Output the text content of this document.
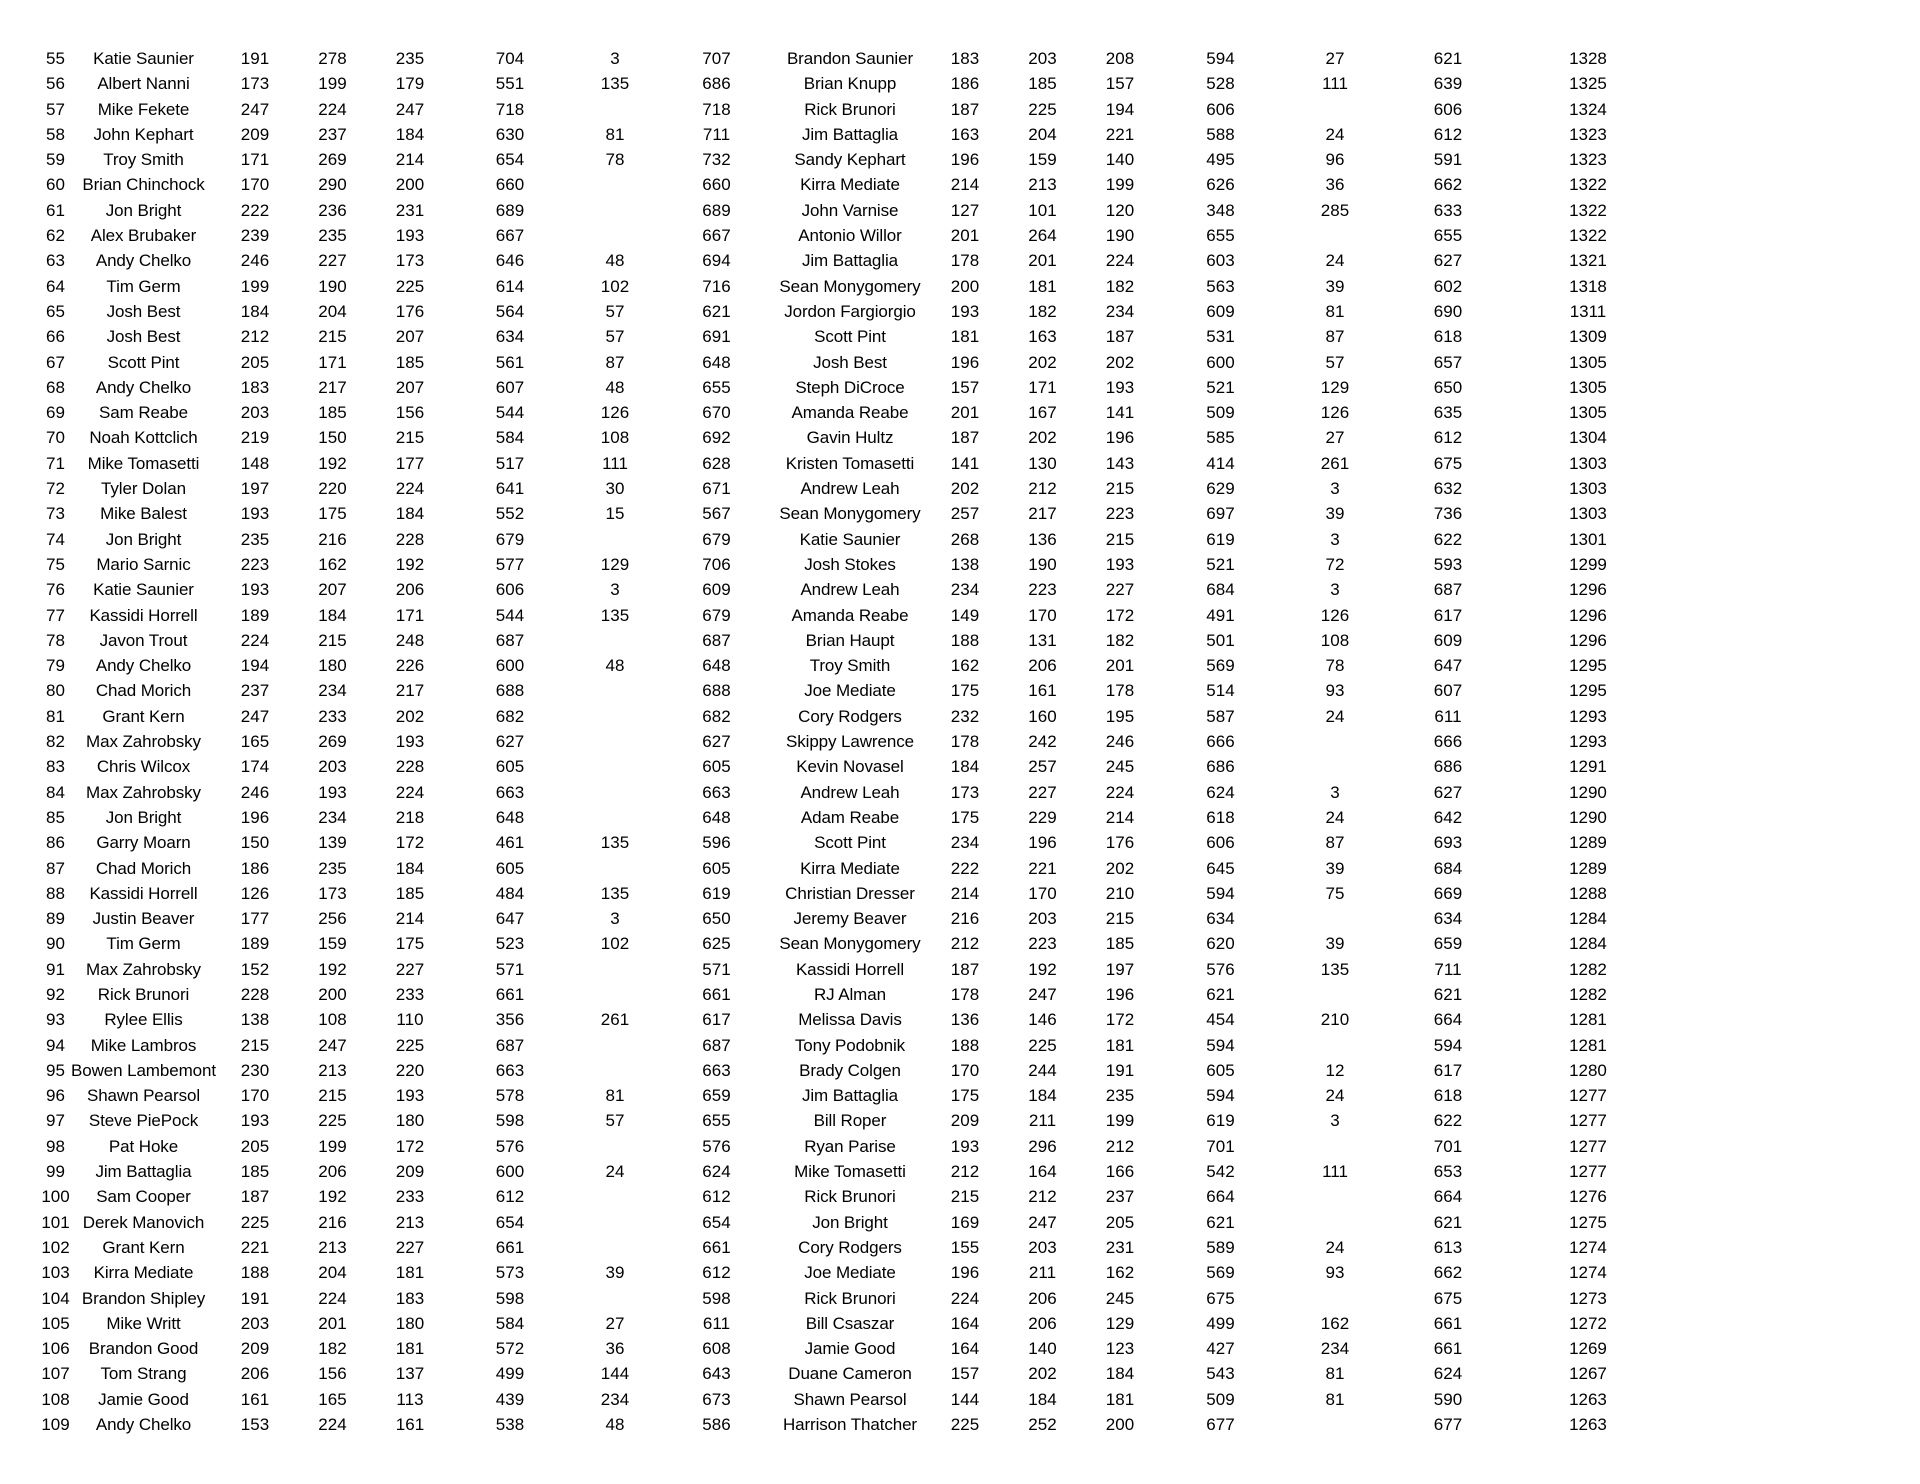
55	Katie Saunier	191	278	235	704	3	707	Brandon Saunier	183	203	208	594	27	621	1328
56	Albert Nanni	173	199	179	551	135	686	Brian Knupp	186	185	157	528	111	639	1325
57	Mike Fekete	247	224	247	718		718	Rick Brunori	187	225	194	606		606	1324
58	John Kephart	209	237	184	630	81	711	Jim Battaglia	163	204	221	588	24	612	1323
59	Troy Smith	171	269	214	654	78	732	Sandy Kephart	196	159	140	495	96	591	1323
60	Brian Chinchock	170	290	200	660		660	Kirra Mediate	214	213	199	626	36	662	1322
61	Jon Bright	222	236	231	689		689	John Varnise	127	101	120	348	285	633	1322
62	Alex Brubaker	239	235	193	667		667	Antonio Willor	201	264	190	655		655	1322
63	Andy Chelko	246	227	173	646	48	694	Jim Battaglia	178	201	224	603	24	627	1321
64	Tim Germ	199	190	225	614	102	716	Sean Monygomery	200	181	182	563	39	602	1318
65	Josh Best	184	204	176	564	57	621	Jordon Fargiorgio	193	182	234	609	81	690	1311
66	Josh Best	212	215	207	634	57	691	Scott Pint	181	163	187	531	87	618	1309
67	Scott Pint	205	171	185	561	87	648	Josh Best	196	202	202	600	57	657	1305
68	Andy Chelko	183	217	207	607	48	655	Steph DiCroce	157	171	193	521	129	650	1305
69	Sam Reabe	203	185	156	544	126	670	Amanda Reabe	201	167	141	509	126	635	1305
70	Noah Kottclich	219	150	215	584	108	692	Gavin Hultz	187	202	196	585	27	612	1304
71	Mike Tomasetti	148	192	177	517	111	628	Kristen Tomasetti	141	130	143	414	261	675	1303
72	Tyler Dolan	197	220	224	641	30	671	Andrew Leah	202	212	215	629	3	632	1303
73	Mike Balest	193	175	184	552	15	567	Sean Monygomery	257	217	223	697	39	736	1303
74	Jon Bright	235	216	228	679		679	Katie Saunier	268	136	215	619	3	622	1301
75	Mario Sarnic	223	162	192	577	129	706	Josh Stokes	138	190	193	521	72	593	1299
76	Katie Saunier	193	207	206	606	3	609	Andrew Leah	234	223	227	684	3	687	1296
77	Kassidi Horrell	189	184	171	544	135	679	Amanda Reabe	149	170	172	491	126	617	1296
78	Javon Trout	224	215	248	687		687	Brian Haupt	188	131	182	501	108	609	1296
79	Andy Chelko	194	180	226	600	48	648	Troy Smith	162	206	201	569	78	647	1295
80	Chad Morich	237	234	217	688		688	Joe Mediate	175	161	178	514	93	607	1295
81	Grant Kern	247	233	202	682		682	Cory Rodgers	232	160	195	587	24	611	1293
82	Max Zahrobsky	165	269	193	627		627	Skippy Lawrence	178	242	246	666		666	1293
83	Chris Wilcox	174	203	228	605		605	Kevin Novasel	184	257	245	686		686	1291
84	Max Zahrobsky	246	193	224	663		663	Andrew Leah	173	227	224	624	3	627	1290
85	Jon Bright	196	234	218	648		648	Adam Reabe	175	229	214	618	24	642	1290
86	Garry Moarn	150	139	172	461	135	596	Scott Pint	234	196	176	606	87	693	1289
87	Chad Morich	186	235	184	605		605	Kirra Mediate	222	221	202	645	39	684	1289
88	Kassidi Horrell	126	173	185	484	135	619	Christian Dresser	214	170	210	594	75	669	1288
89	Justin Beaver	177	256	214	647	3	650	Jeremy Beaver	216	203	215	634		634	1284
90	Tim Germ	189	159	175	523	102	625	Sean Monygomery	212	223	185	620	39	659	1284
91	Max Zahrobsky	152	192	227	571		571	Kassidi Horrell	187	192	197	576	135	711	1282
92	Rick Brunori	228	200	233	661		661	RJ Alman	178	247	196	621		621	1282
93	Rylee Ellis	138	108	110	356	261	617	Melissa Davis	136	146	172	454	210	664	1281
94	Mike Lambros	215	247	225	687		687	Tony Podobnik	188	225	181	594		594	1281
95	Bowen Lambemont	230	213	220	663		663	Brady Colgen	170	244	191	605	12	617	1280
96	Shawn Pearsol	170	215	193	578	81	659	Jim Battaglia	175	184	235	594	24	618	1277
97	Steve PiePock	193	225	180	598	57	655	Bill Roper	209	211	199	619	3	622	1277
98	Pat Hoke	205	199	172	576		576	Ryan Parise	193	296	212	701		701	1277
99	Jim Battaglia	185	206	209	600	24	624	Mike Tomasetti	212	164	166	542	111	653	1277
100	Sam Cooper	187	192	233	612		612	Rick Brunori	215	212	237	664		664	1276
101	Derek Manovich	225	216	213	654		654	Jon Bright	169	247	205	621		621	1275
102	Grant Kern	221	213	227	661		661	Cory Rodgers	155	203	231	589	24	613	1274
103	Kirra Mediate	188	204	181	573	39	612	Joe Mediate	196	211	162	569	93	662	1274
104	Brandon Shipley	191	224	183	598		598	Rick Brunori	224	206	245	675		675	1273
105	Mike Writt	203	201	180	584	27	611	Bill Csaszar	164	206	129	499	162	661	1272
106	Brandon Good	209	182	181	572	36	608	Jamie Good	164	140	123	427	234	661	1269
107	Tom Strang	206	156	137	499	144	643	Duane Cameron	157	202	184	543	81	624	1267
108	Jamie Good	161	165	113	439	234	673	Shawn Pearsol	144	184	181	509	81	590	1263
109	Andy Chelko	153	224	161	538	48	586	Harrison Thatcher	225	252	200	677		677	1263
